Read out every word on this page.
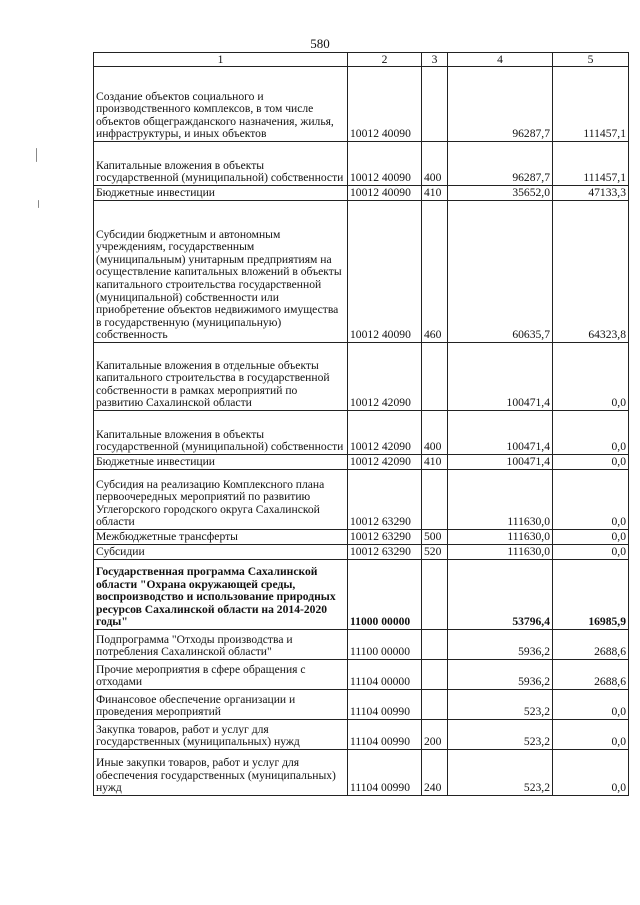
580
1	2	3	4	5
Создание объектов социального и производственного комплексов, в том числе объектов общегражданского назначения, жилья, инфраструктуры, и иных объектов	10012 40090		96287,7	111457,1
Капитальные вложения в объекты государственной (муниципальной) собственности	10012 40090	400	96287,7	111457,1
Бюджетные инвестиции	10012 40090	410	35652,0	47133,3
Субсидии бюджетным и автономным учреждениям, государственным (муниципальным) унитарным предприятиям на осуществление капитальных вложений в объекты капитального строительства государственной (муниципальной) собственности или приобретение объектов недвижимого имущества в государственную (муниципальную) собственность	10012 40090	460	60635,7	64323,8
Капитальные вложения в отдельные объекты капитального строительства в государственной собственности в рамках мероприятий по развитию Сахалинской области	10012 42090		100471,4	0,0
Капитальные вложения в объекты государственной (муниципальной) собственности	10012 42090	400	100471,4	0,0
Бюджетные инвестиции	10012 42090	410	100471,4	0,0
Субсидия на реализацию Комплексного плана первоочередных мероприятий по развитию Углегорского городского округа Сахалинской области	10012 63290		111630,0	0,0
Межбюджетные трансферты	10012 63290	500	111630,0	0,0
Субсидии	10012 63290	520	111630,0	0,0
Государственная программа Сахалинской области "Охрана окружающей среды, воспроизводство и использование природных ресурсов Сахалинской области на 2014-2020 годы"	11000 00000		53796,4	16985,9
Подпрограмма "Отходы производства и потребления Сахалинской области"	11100 00000		5936,2	2688,6
Прочие мероприятия в сфере обращения с отходами	11104 00000		5936,2	2688,6
Финансовое обеспечение организации и проведения мероприятий	11104 00990		523,2	0,0
Закупка товаров, работ и услуг для государственных (муниципальных) нужд	11104 00990	200	523,2	0,0
Иные закупки товаров, работ и услуг для обеспечения государственных (муниципальных) нужд	11104 00990	240	523,2	0,0
